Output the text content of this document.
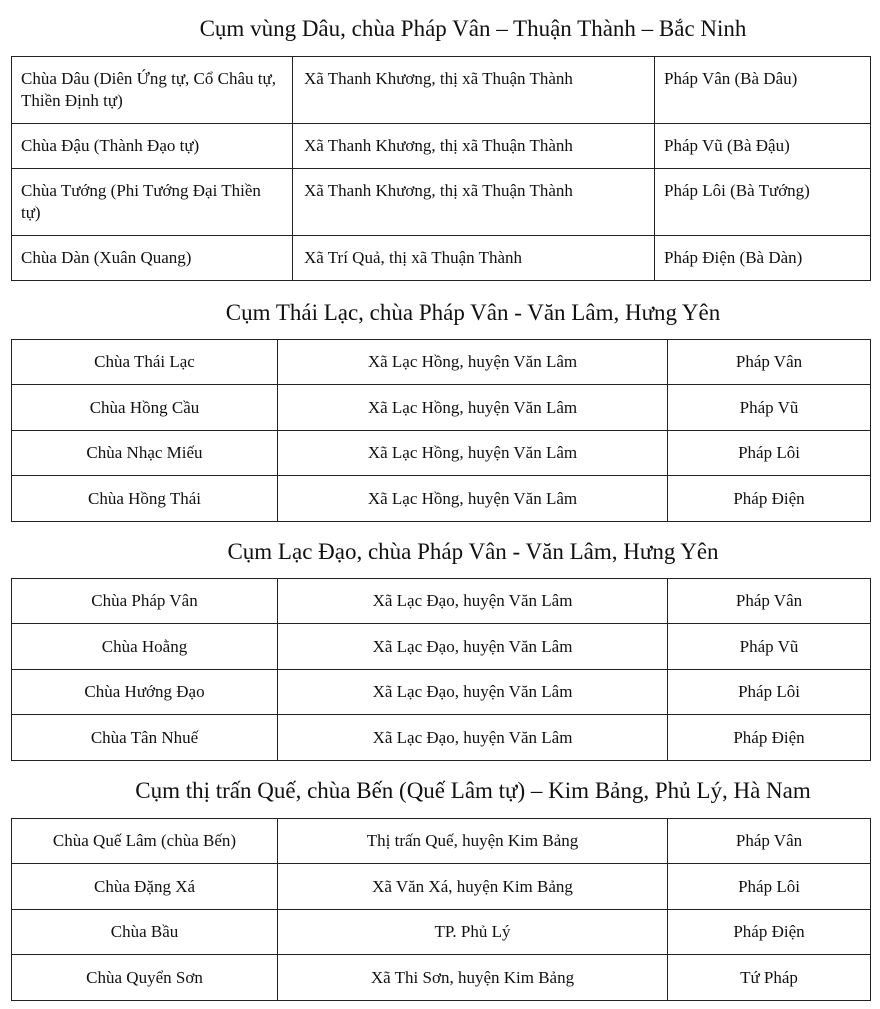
Cụm vùng Dâu, chùa Pháp Vân – Thuận Thành – Bắc Ninh
Chùa Dâu (Diên Ứng tự, Cổ Châu tự, Thiền Định tự)	Xã Thanh Khương, thị xã Thuận Thành	Pháp Vân (Bà Dâu)
Chùa Đậu (Thành Đạo tự)	Xã Thanh Khương, thị xã Thuận Thành	Pháp Vũ (Bà Đậu)
Chùa Tướng (Phi Tướng Đại Thiền tự)	Xã Thanh Khương, thị xã Thuận Thành	Pháp Lôi (Bà Tướng)
Chùa Dàn (Xuân Quang)	Xã Trí Quả, thị xã Thuận Thành	Pháp Điện (Bà Dàn)
Cụm Thái Lạc, chùa Pháp Vân - Văn Lâm, Hưng Yên
Chùa Thái Lạc	Xã Lạc Hồng, huyện Văn Lâm	Pháp Vân
Chùa Hồng Cầu	Xã Lạc Hồng, huyện Văn Lâm	Pháp Vũ
Chùa Nhạc Miếu	Xã Lạc Hồng, huyện Văn Lâm	Pháp Lôi
Chùa Hồng Thái	Xã Lạc Hồng, huyện Văn Lâm	Pháp Điện
Cụm Lạc Đạo, chùa Pháp Vân - Văn Lâm, Hưng Yên
Chùa Pháp Vân	Xã Lạc Đạo, huyện Văn Lâm	Pháp Vân
Chùa Hoằng	Xã Lạc Đạo, huyện Văn Lâm	Pháp Vũ
Chùa Hướng Đạo	Xã Lạc Đạo, huyện Văn Lâm	Pháp Lôi
Chùa Tân Nhuế	Xã Lạc Đạo, huyện Văn Lâm	Pháp Điện
Cụm thị trấn Quế, chùa Bến (Quế Lâm tự) – Kim Bảng, Phủ Lý, Hà Nam
Chùa Quế Lâm (chùa Bến)	Thị trấn Quế, huyện Kim Bảng	Pháp Vân
Chùa Đặng Xá	Xã Văn Xá, huyện Kim Bảng	Pháp Lôi
Chùa Bầu	TP. Phủ Lý	Pháp Điện
Chùa Quyển Sơn	Xã Thi Sơn, huyện Kim Bảng	Tứ Pháp
